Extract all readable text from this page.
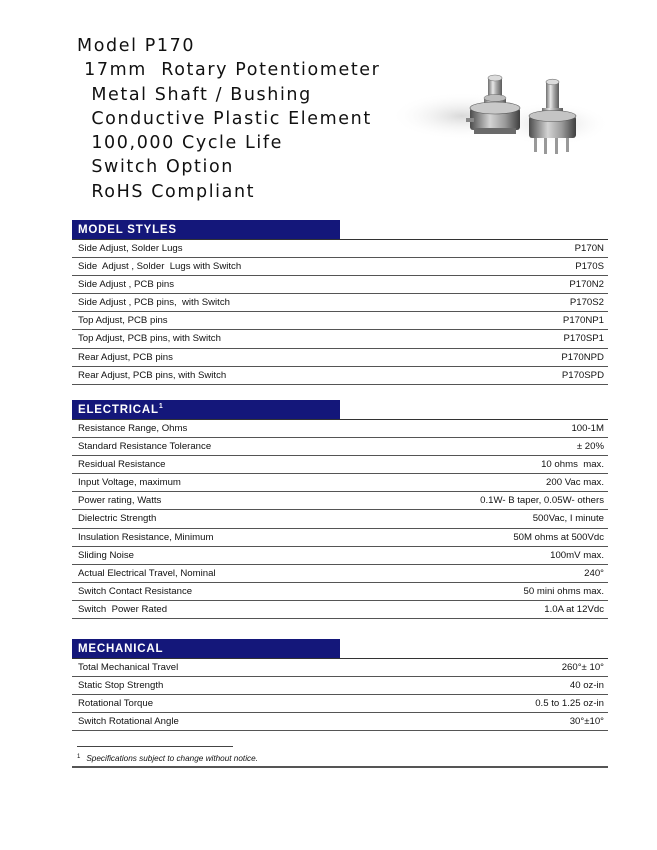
Model P170
17mm  Rotary Potentiometer
Metal Shaft / Bushing
Conductive Plastic Element
100,000 Cycle Life
Switch Option
RoHS Compliant
MODEL STYLES
Side Adjust, Solder Lugs	P170N
Side  Adjust , Solder  Lugs with Switch	P170S
Side Adjust , PCB pins	P170N2
Side Adjust , PCB pins,  with Switch	P170S2
Top Adjust, PCB pins	P170NP1
Top Adjust, PCB pins, with Switch	P170SP1
Rear Adjust, PCB pins	P170NPD
Rear Adjust, PCB pins, with Switch	P170SPD
ELECTRICAL$^1$
Resistance Range, Ohms	100-1M
Standard Resistance Tolerance	± 20%
Residual Resistance	10 ohms  max.
Input Voltage, maximum	200 Vac max.
Power rating, Watts	0.1W- B taper, 0.05W- others
Dielectric Strength	500Vac, I minute
Insulation Resistance, Minimum	50M ohms at 500Vdc
Sliding Noise	100mV max.
Actual Electrical Travel, Nominal	240°
Switch Contact Resistance	50 mini ohms max.
Switch  Power Rated	1.0A at 12Vdc
MECHANICAL
Total Mechanical Travel	260°± 10°
Static Stop Strength	40 oz-in
Rotational Torque	0.5 to 1.25 oz-in
Switch Rotational Angle	30°±10°
$^1$ Specifications subject to change without notice.
